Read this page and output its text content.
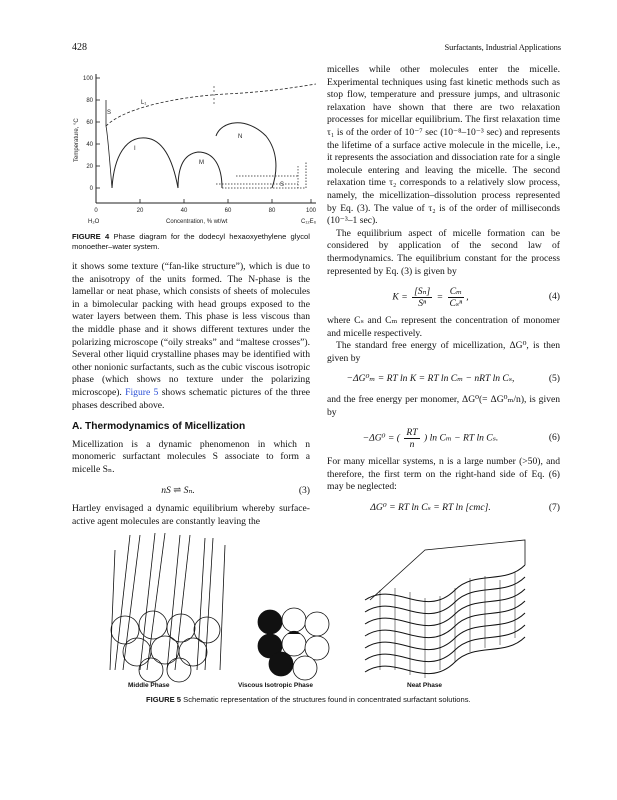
428	Surfactants, Industrial Applications
100
80
60
40
20
0
0	20	40	60	80	100
Temperature, °C
H₂O	Concentration, % wt/wt	C₁₂E₆
L₁
S
I
M
N
S
FIGURE 4 Phase diagram for the dodecyl hexaoxyethylene glycol monoether–water system.

it shows some texture (“fan-like structure”), which is due to the anisotropy of the units formed. The N-phase is the lamellar or neat phase, which consists of sheets of molecules in a bimolecular packing with head groups exposed to the water layers between them. This phase is less viscous than the middle phase and it shows different textures under the polarizing microscope (“oily streaks” and “maltese crosses”). Several other liquid crystalline phases may be identified with other nonionic surfactants, such as the cubic viscous isotropic phase (which shows no texture under the polarizing microscope). Figure 5 shows schematic pictures of the three phases described above.

A. Thermodynamics of Micellization

Micellization is a dynamic phenomenon in which n monomeric surfactant molecules S associate to form a micelle Sₙ.

nS ⇌ Sₙ.	(3)

Hartley envisaged a dynamic equilibrium whereby surface-active agent molecules are constantly leaving the

micelles while other molecules enter the micelle. Experimental techniques using fast kinetic methods such as stop flow, temperature and pressure jumps, and ultrasonic relaxation have shown that there are two relaxation processes for micellar equilibrium. The first relaxation time τ₁ is of the order of 10⁻⁷ sec (10⁻⁸–10⁻³ sec) and represents the lifetime of a surface active molecule in the micelle, i.e., it represents the association and dissociation rate for a single molecule entering and leaving the micelle. The second relaxation time τ₂ corresponds to a relatively slow process, namely, the micellization–dissolution process represented by Eq. (3). The value of τ₂ is of the order of milliseconds (10⁻³–1 sec).

The equilibrium aspect of micelle formation can be considered by application of the second law of thermodynamics. The equilibrium constant for the process represented by Eq. (3) is given by

$K = \frac{\text{[Sₙ]}}{\text{Sⁿ}} = \frac{\text{Cₘ}}{\text{Cₛⁿ}}$ ,	(4)

where Cₛ and Cₘ represent the concentration of monomer and micelle respectively.

The standard free energy of micellization, ΔG⁰, is then given by

−ΔG⁰ₘ = RT ln K = RT ln Cₘ − nRT ln Cₛ,	(5)

and the free energy per monomer, ΔG⁰(= ΔG⁰ₘ/n), is given by

−ΔG⁰ = ( $\frac{RT}{n}$ ) ln Cₘ − RT ln Cₛ.	(6)

For many micellar systems, n is a large number (>50), and therefore, the first term on the right-hand side of Eq. (6) may be neglected:

ΔG⁰ = RT ln Cₛ = RT ln [cmc].	(7)
Middle Phase	Viscous Isotropic Phase	Neat Phase
FIGURE 5 Schematic representation of the structures found in concentrated surfactant solutions.
